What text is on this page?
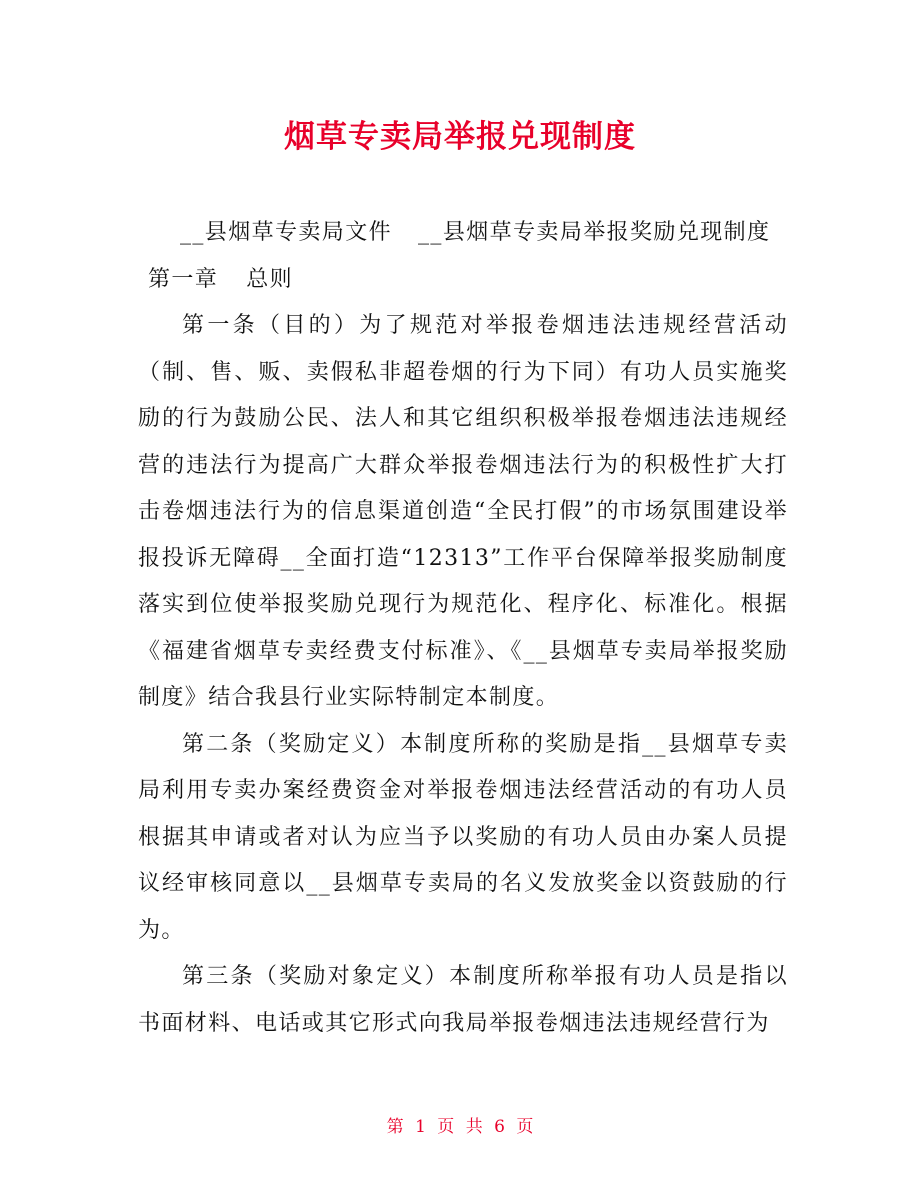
烟草专卖局举报兑现制度

__县烟草专卖局文件 __县烟草专卖局举报奖励兑现制度

第一章 总则

第一条（目的）为了规范对举报卷烟违法违规经营活动（制、售、贩、卖假私非超卷烟的行为下同）有功人员实施奖励的行为鼓励公民、法人和其它组织积极举报卷烟违法违规经营的违法行为提高广大群众举报卷烟违法行为的积极性扩大打击卷烟违法行为的信息渠道创造“全民打假”的市场氛围建设举报投诉无障碍__全面打造“12313”工作平台保障举报奖励制度落实到位使举报奖励兑现行为规范化、程序化、标准化。根据《福建省烟草专卖经费支付标准》、《__县烟草专卖局举报奖励制度》结合我县行业实际特制定本制度。

第二条（奖励定义）本制度所称的奖励是指__县烟草专卖局利用专卖办案经费资金对举报卷烟违法经营活动的有功人员根据其申请或者对认为应当予以奖励的有功人员由办案人员提议经审核同意以__县烟草专卖局的名义发放奖金以资鼓励的行为。

第三条（奖励对象定义）本制度所称举报有功人员是指以书面材料、电话或其它形式向我局举报卷烟违法违规经营行为

第 1 页 共 6 页
